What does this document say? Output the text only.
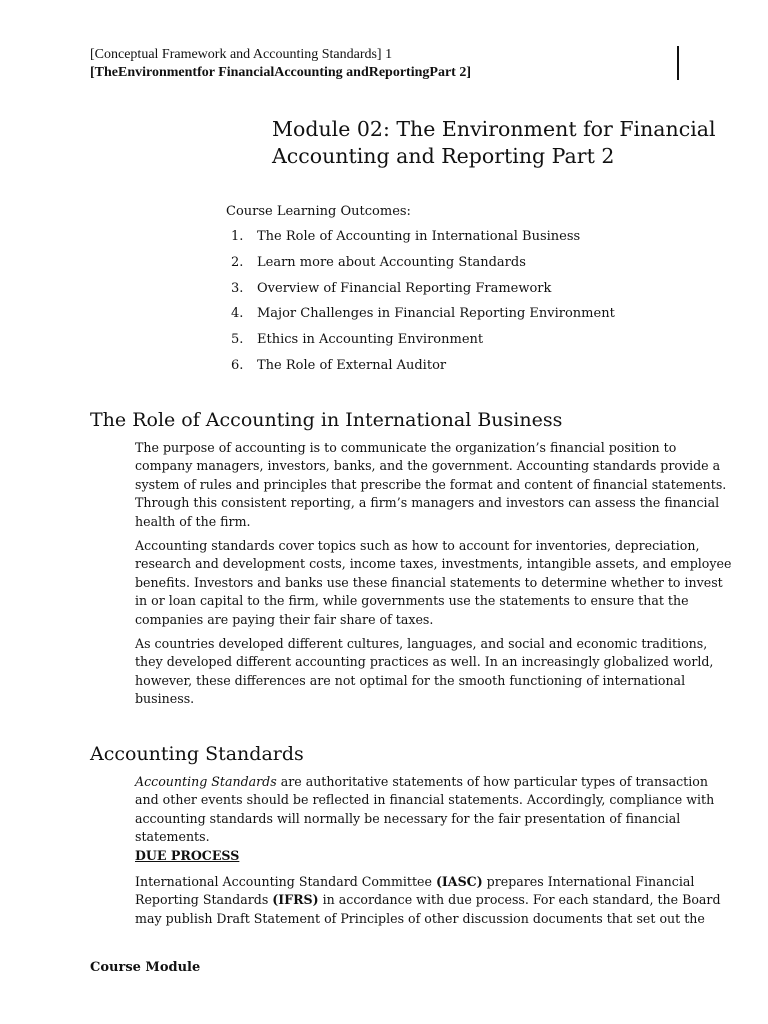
[Conceptual Framework and Accounting Standards] 1
[TheEnvironmentfor FinancialAccounting andReportingPart 2]
Module 02: The Environment for Financial Accounting and Reporting Part 2

Course Learning Outcomes:

1.	The Role of Accounting in International Business
2.	Learn more about Accounting Standards
3.	Overview of Financial Reporting Framework
4.	Major Challenges in Financial Reporting Environment
5.	Ethics in Accounting Environment
6.	The Role of External Auditor
The Role of Accounting in International Business

The purpose of accounting is to communicate the organization’s financial position to company managers, investors, banks, and the government. Accounting standards provide a system of rules and principles that prescribe the format and content of financial statements. Through this consistent reporting, a firm’s managers and investors can assess the financial health of the firm.

Accounting standards cover topics such as how to account for inventories, depreciation, research and development costs, income taxes, investments, intangible assets, and employee benefits. Investors and banks use these financial statements to determine whether to invest in or loan capital to the firm, while governments use the statements to ensure that the companies are paying their fair share of taxes.

As countries developed different cultures, languages, and social and economic traditions, they developed different accounting practices as well. In an increasingly globalized world, however, these differences are not optimal for the smooth functioning of international business.

Accounting Standards

Accounting Standards are authoritative statements of how particular types of transaction and other events should be reflected in financial statements. Accordingly, compliance with accounting standards will normally be necessary for the fair presentation of financial statements.

DUE PROCESS

International Accounting Standard Committee (IASC) prepares International Financial Reporting Standards (IFRS) in accordance with due process. For each standard, the Board may publish Draft Statement of Principles of other discussion documents that set out the

Course Module
